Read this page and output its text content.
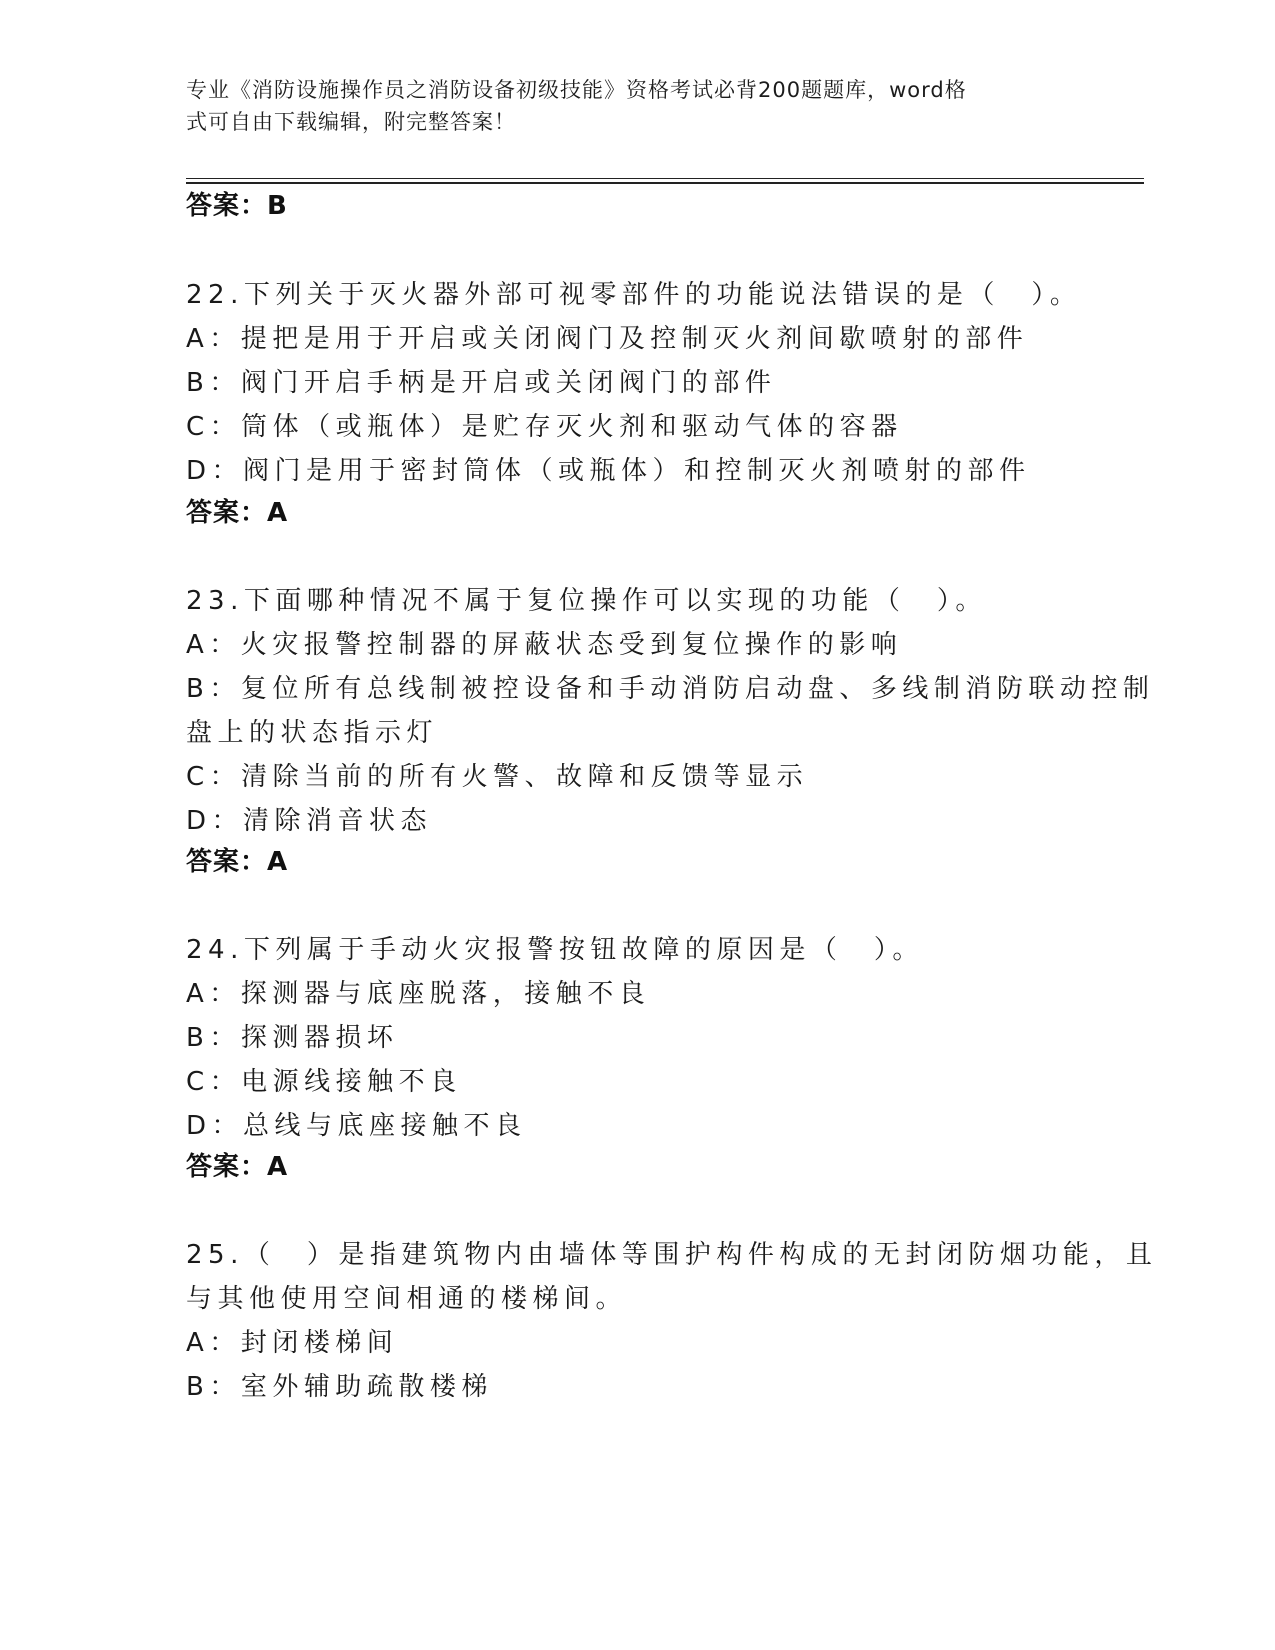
专业《消防设施操作员之消防设备初级技能》资格考试必背200题题库，word格
式可自由下载编辑，附完整答案！
答案：B
22.下列关于灭火器外部可视零部件的功能说法错误的是（　）。
A：提把是用于开启或关闭阀门及控制灭火剂间歇喷射的部件
B：阀门开启手柄是开启或关闭阀门的部件
C：筒体（或瓶体）是贮存灭火剂和驱动气体的容器
D：阀门是用于密封筒体（或瓶体）和控制灭火剂喷射的部件
答案：A
23.下面哪种情况不属于复位操作可以实现的功能（　）。
A：火灾报警控制器的屏蔽状态受到复位操作的影响
B：复位所有总线制被控设备和手动消防启动盘、多线制消防联动控制
盘上的状态指示灯
C：清除当前的所有火警、故障和反馈等显示
D：清除消音状态
答案：A
24.下列属于手动火灾报警按钮故障的原因是（　）。
A：探测器与底座脱落，接触不良
B：探测器损坏
C：电源线接触不良
D：总线与底座接触不良
答案：A
25.（　）是指建筑物内由墙体等围护构件构成的无封闭防烟功能，且
与其他使用空间相通的楼梯间。
A：封闭楼梯间
B：室外辅助疏散楼梯
